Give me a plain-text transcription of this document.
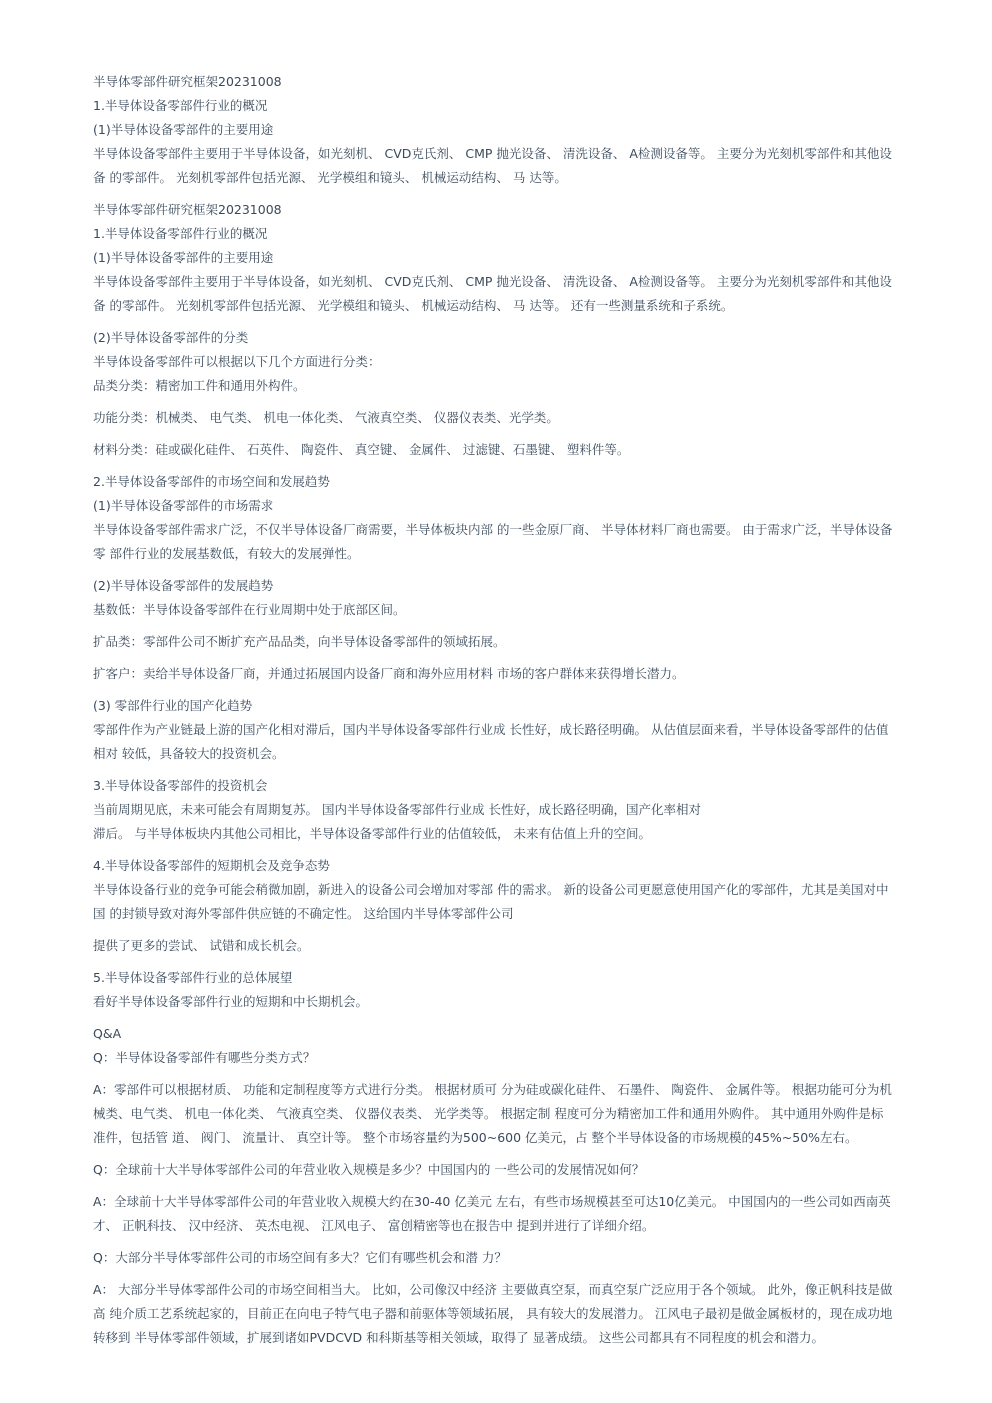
半导体零部件研究框架20231008
1.半导体设备零部件行业的概况
(1)半导体设备零部件的主要用途
半导体设备零部件主要用于半导体设备，如光刻机、 CVD克氏剂、 CMP 抛光设备、 清洗设备、 A检测设备等。 主要分为光刻机零部件和其他设
备 的零部件。 光刻机零部件包括光源、 光学模组和镜头、 机械运动结构、 马 达等。
半导体零部件研究框架20231008
1.半导体设备零部件行业的概况
(1)半导体设备零部件的主要用途
半导体设备零部件主要用于半导体设备，如光刻机、 CVD克氏剂、 CMP 抛光设备、 清洗设备、 A检测设备等。 主要分为光刻机零部件和其他设
备 的零部件。 光刻机零部件包括光源、 光学模组和镜头、 机械运动结构、 马 达等。 还有一些测量系统和子系统。
(2)半导体设备零部件的分类
半导体设备零部件可以根据以下几个方面进行分类：
品类分类：精密加工件和通用外构件。
功能分类：机械类、 电气类、 机电一体化类、 气液真空类、 仪器仪表类、光学类。
材料分类：硅或碳化硅件、 石英件、 陶瓷件、 真空键、 金属件、 过滤键、石墨键、 塑料件等。
2.半导体设备零部件的市场空间和发展趋势
(1)半导体设备零部件的市场需求
半导体设备零部件需求广泛，不仅半导体设备厂商需要，半导体板块内部 的一些金原厂商、 半导体材料厂商也需要。 由于需求广泛，半导体设备
零 部件行业的发展基数低，有较大的发展弹性。
(2)半导体设备零部件的发展趋势
基数低：半导体设备零部件在行业周期中处于底部区间。
扩品类：零部件公司不断扩充产品品类，向半导体设备零部件的领域拓展。
扩客户：卖给半导体设备厂商，并通过拓展国内设备厂商和海外应用材料 市场的客户群体来获得增长潜力。
(3) 零部件行业的国产化趋势
零部件作为产业链最上游的国产化相对滞后，国内半导体设备零部件行业成 长性好，成长路径明确。 从估值层面来看，半导体设备零部件的估值
相对 较低，具备较大的投资机会。
3.半导体设备零部件的投资机会
当前周期见底，未来可能会有周期复苏。 国内半导体设备零部件行业成 长性好，成长路径明确，国产化率相对
滞后。 与半导体板块内其他公司相比，半导体设备零部件行业的估值较低， 未来有估值上升的空间。
4.半导体设备零部件的短期机会及竞争态势
半导体设备行业的竞争可能会稍微加剧，新进入的设备公司会增加对零部 件的需求。 新的设备公司更愿意使用国产化的零部件，尤其是美国对中
国 的封锁导致对海外零部件供应链的不确定性。 这给国内半导体零部件公司
提供了更多的尝试、 试错和成长机会。
5.半导体设备零部件行业的总体展望
看好半导体设备零部件行业的短期和中长期机会。
Q&A
Q：半导体设备零部件有哪些分类方式？
A：零部件可以根据材质、 功能和定制程度等方式进行分类。 根据材质可 分为硅或碳化硅件、 石墨件、 陶瓷件、 金属件等。 根据功能可分为机
械类、电气类、 机电一体化类、 气液真空类、 仪器仪表类、 光学类等。 根据定制 程度可分为精密加工件和通用外购件。 其中通用外购件是标
准件，包括管 道、 阀门、 流量计、 真空计等。 整个市场容量约为500~600 亿美元，占 整个半导体设备的市场规模的45%~50%左右。
Q：全球前十大半导体零部件公司的年营业收入规模是多少？中国国内的 一些公司的发展情况如何？
A：全球前十大半导体零部件公司的年营业收入规模大约在30-40 亿美元 左右，有些市场规模甚至可达10亿美元。 中国国内的一些公司如西南英
才、 正帆科技、 汉中经济、 英杰电视、 江风电子、 富创精密等也在报告中 提到并进行了详细介绍。
Q：大部分半导体零部件公司的市场空间有多大？它们有哪些机会和潜 力？
A： 大部分半导体零部件公司的市场空间相当大。 比如，公司像汉中经济 主要做真空泵，而真空泵广泛应用于各个领域。 此外，像正帆科技是做
高 纯介质工艺系统起家的，目前正在向电子特气电子器和前驱体等领域拓展， 具有较大的发展潜力。 江风电子最初是做金属板材的，现在成功地
转移到 半导体零部件领域，扩展到诸如PVDCVD 和科斯基等相关领域，取得了 显著成绩。 这些公司都具有不同程度的机会和潜力。
